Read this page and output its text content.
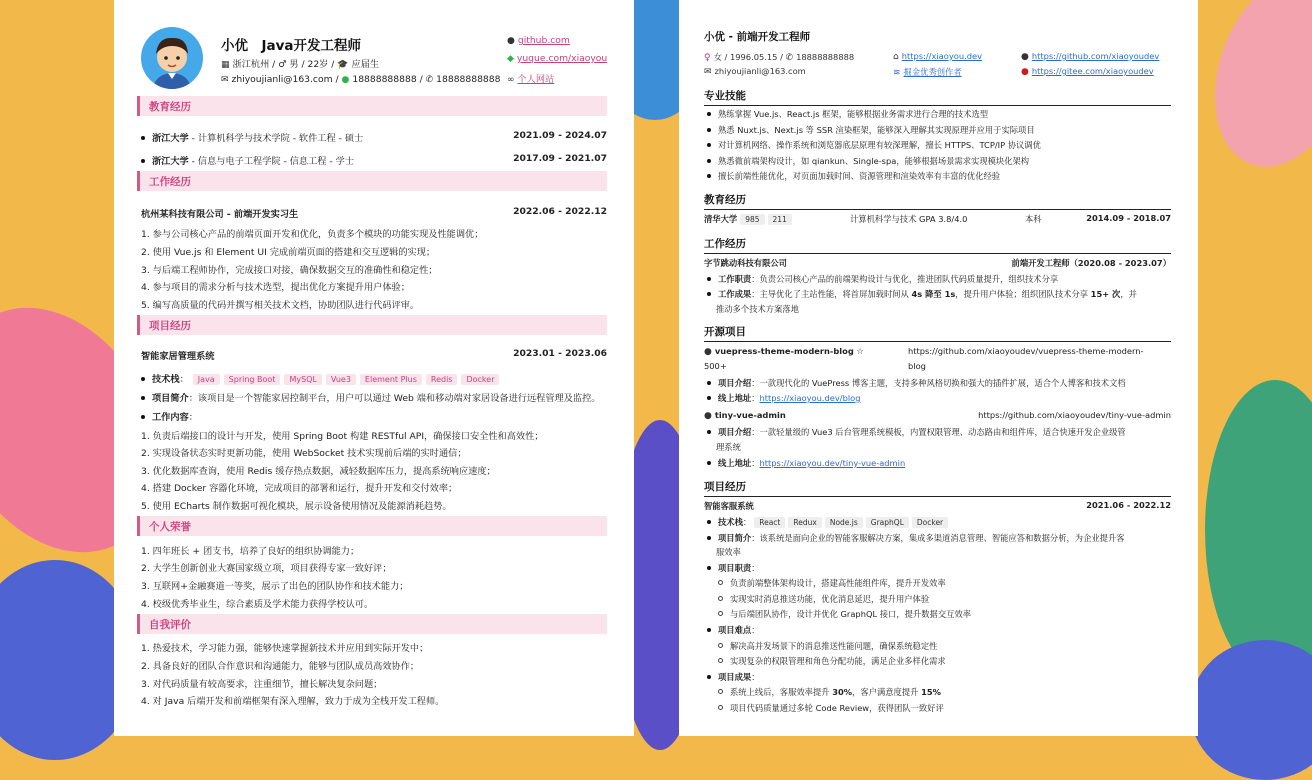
小优　Java开发工程师
▦ 浙江杭州 / ♂ 男 / 22岁 / 🎓 应届生
✉ zhiyoujianli@163.com / ● 18888888888 / ✆ 18888888888
● github.com
◆ yuque.com/xiaoyou
∞ 个人网站
教育经历
浙江大学 - 计算机科学与技术学院 - 软件工程 - 硕士	2021.09 - 2024.07
浙江大学 - 信息与电子工程学院 - 信息工程 - 学士	2017.09 - 2021.07
工作经历
杭州某科技有限公司 - 前端开发实习生	2022.06 - 2022.12
1. 参与公司核心产品的前端页面开发和优化，负责多个模块的功能实现及性能调优；
2. 使用 Vue.js 和 Element UI 完成前端页面的搭建和交互逻辑的实现；
3. 与后端工程师协作，完成接口对接，确保数据交互的准确性和稳定性；
4. 参与项目的需求分析与技术选型，提出优化方案提升用户体验；
5. 编写高质量的代码并撰写相关技术文档，协助团队进行代码评审。
项目经历
智能家居管理系统	2023.01 - 2023.06
技术栈： Java Spring Boot MySQL Vue3 Element Plus Redis Docker
项目简介：该项目是一个智能家居控制平台，用户可以通过 Web 端和移动端对家居设备进行远程管理及监控。
工作内容：
1. 负责后端接口的设计与开发，使用 Spring Boot 构建 RESTful API，确保接口安全性和高效性；
2. 实现设备状态实时更新功能，使用 WebSocket 技术实现前后端的实时通信；
3. 优化数据库查询，使用 Redis 缓存热点数据，减轻数据库压力，提高系统响应速度；
4. 搭建 Docker 容器化环境，完成项目的部署和运行，提升开发和交付效率；
5. 使用 ECharts 制作数据可视化模块，展示设备使用情况及能源消耗趋势。
个人荣誉
1. 四年班长 + 团支书，培养了良好的组织协调能力；
2. 大学生创新创业大赛国家级立项，项目获得专家一致好评；
3. 互联网+金融赛道一等奖，展示了出色的团队协作和技术能力；
4. 校级优秀毕业生，综合素质及学术能力获得学校认可。
自我评价
1. 热爱技术，学习能力强，能够快速掌握新技术并应用到实际开发中；
2. 具备良好的团队合作意识和沟通能力，能够与团队成员高效协作；
3. 对代码质量有较高要求，注重细节，擅长解决复杂问题；
4. 对 Java 后端开发和前端框架有深入理解，致力于成为全栈开发工程师。
小优 - 前端开发工程师
♀ 女 / 1996.05.15 / ✆ 18888888888
✉ zhiyoujianli@163.com
⌂ https://xiaoyou.dev
≋ 掘金优秀创作者
● https://github.com/xiaoyoudev
● https://gitee.com/xiaoyoudev
专业技能
熟练掌握 Vue.js、React.js 框架，能够根据业务需求进行合理的技术选型
熟悉 Nuxt.js、Next.js 等 SSR 渲染框架，能够深入理解其实现原理并应用于实际项目
对计算机网络、操作系统和浏览器底层原理有较深理解，擅长 HTTPS、TCP/IP 协议调优
熟悉微前端架构设计，如 qiankun、Single-spa，能够根据场景需求实现模块化架构
擅长前端性能优化，对页面加载时间、资源管理和渲染效率有丰富的优化经验
教育经历
清华大学 985 211	计算机科学与技术 GPA 3.8/4.0	本科	2014.09 - 2018.07
工作经历
字节跳动科技有限公司	前端开发工程师（2020.08 - 2023.07）
工作职责：负责公司核心产品的前端架构设计与优化，推进团队代码质量提升，组织技术分享
工作成果：主导优化了主站性能，将首屏加载时间从 4s 降至 1s，提升用户体验；组织团队技术分享 15+ 次，并
推动多个技术方案落地
开源项目
● vuepress-theme-modern-blog ☆	https://github.com/xiaoyoudev/vuepress-theme-modern-
500+	blog
项目介绍：一款现代化的 VuePress 博客主题，支持多种风格切换和强大的插件扩展，适合个人博客和技术文档
线上地址：https://xiaoyou.dev/blog
● tiny-vue-admin	https://github.com/xiaoyoudev/tiny-vue-admin
项目介绍：一款轻量级的 Vue3 后台管理系统模板，内置权限管理、动态路由和组件库，适合快速开发企业级管
理系统
线上地址：https://xiaoyou.dev/tiny-vue-admin
项目经历
智能客服系统	2021.06 - 2022.12
技术栈： React Redux Node.js GraphQL Docker
项目简介：该系统是面向企业的智能客服解决方案，集成多渠道消息管理、智能应答和数据分析，为企业提升客
服效率
项目职责：
负责前端整体架构设计，搭建高性能组件库，提升开发效率
实现实时消息推送功能，优化消息延迟，提升用户体验
与后端团队协作，设计并优化 GraphQL 接口，提升数据交互效率
项目难点：
解决高并发场景下的消息推送性能问题，确保系统稳定性
实现复杂的权限管理和角色分配功能，满足企业多样化需求
项目成果：
系统上线后，客服效率提升 30%，客户满意度提升 15%
项目代码质量通过多轮 Code Review，获得团队一致好评
